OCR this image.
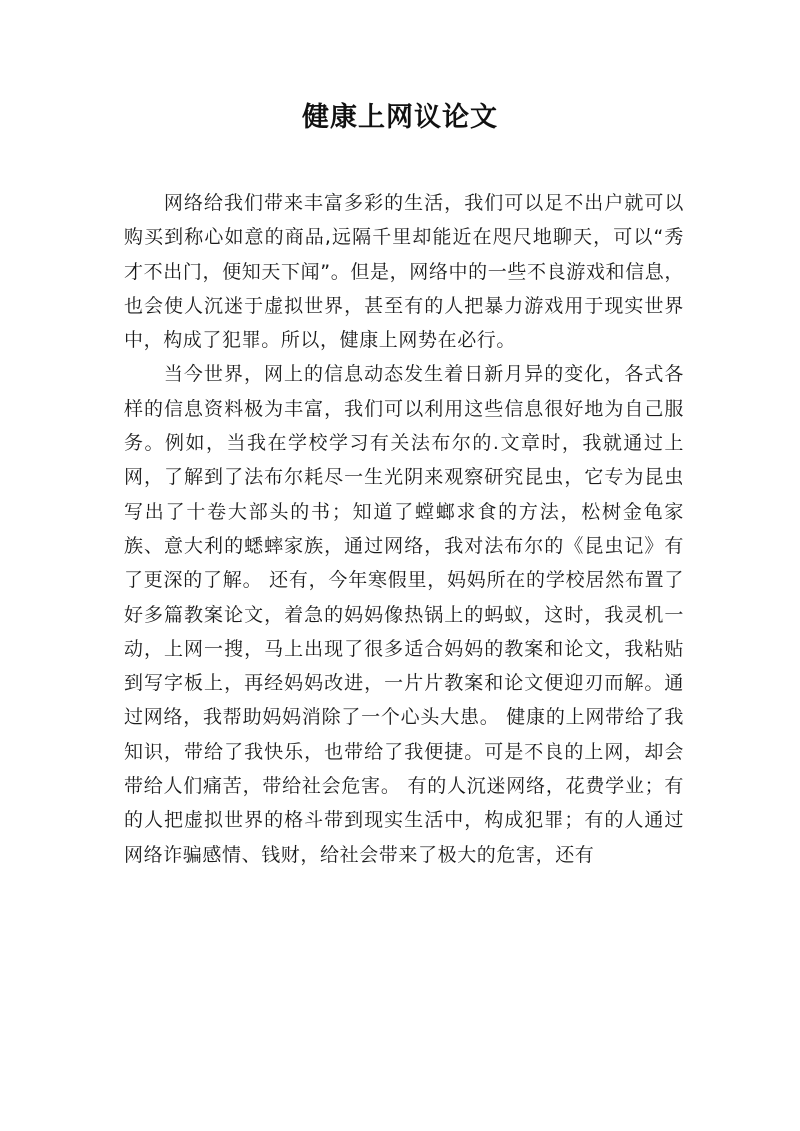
健康上网议论文

网络给我们带来丰富多彩的生活，我们可以足不出户就可以购买到称心如意的商品,远隔千里却能近在咫尺地聊天，可以“秀才不出门，便知天下闻”。但是，网络中的一些不良游戏和信息，也会使人沉迷于虚拟世界，甚至有的人把暴力游戏用于现实世界中，构成了犯罪。所以，健康上网势在必行。

当今世界，网上的信息动态发生着日新月异的变化，各式各样的信息资料极为丰富，我们可以利用这些信息很好地为自己服务。例如，当我在学校学习有关法布尔的.文章时，我就通过上网，了解到了法布尔耗尽一生光阴来观察研究昆虫，它专为昆虫写出了十卷大部头的书；知道了螳螂求食的方法，松树金龟家族、意大利的蟋蟀家族，通过网络，我对法布尔的《昆虫记》有了更深的了解。 还有，今年寒假里，妈妈所在的学校居然布置了好多篇教案论文，着急的妈妈像热锅上的蚂蚁，这时，我灵机一动，上网一搜，马上出现了很多适合妈妈的教案和论文，我粘贴到写字板上，再经妈妈改进，一片片教案和论文便迎刃而解。通过网络，我帮助妈妈消除了一个心头大患。 健康的上网带给了我知识，带给了我快乐，也带给了我便捷。可是不良的上网，却会带给人们痛苦，带给社会危害。 有的人沉迷网络，花费学业；有的人把虚拟世界的格斗带到现实生活中，构成犯罪；有的人通过网络诈骗感情、钱财，给社会带来了极大的危害，还有
